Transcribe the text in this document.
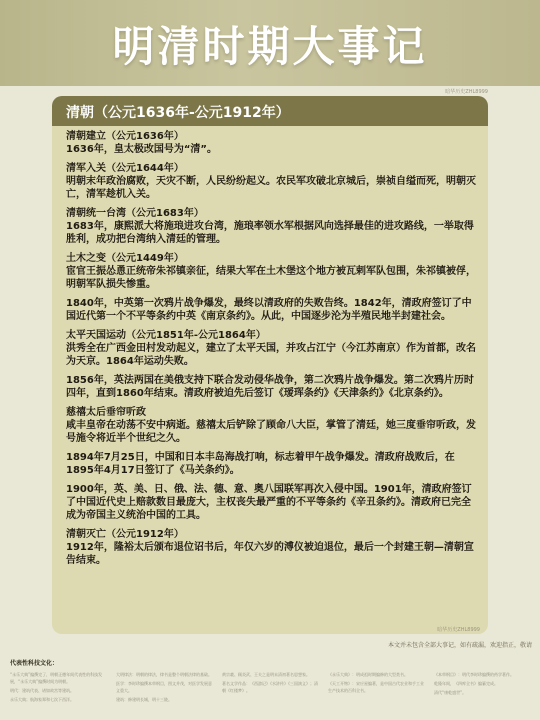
明清时期大事记
暗华历史ZHL8999
清朝（公元1636年-公元1912年）
清朝建立（公元1636年）
1636年，皇太极改国号为“清”。
清军入关（公元1644年）
明朝末年政治腐败，天灾不断，人民纷纷起义。农民军攻破北京城后，崇祯自缢而死，明朝灭亡，清军趁机入关。
清朝统一台湾（公元1683年）
1683年，康熙派大将施琅进攻台湾，施琅率领水军根据风向选择最佳的进攻路线，一举取得胜利，成功把台湾纳入清廷的管理。
土木之变（公元1449年）
宦官王振怂恿正统帝朱祁镇亲征，结果大军在土木堡这个地方被瓦剌军队包围，朱祁镇被俘，明朝军队损失惨重。
1840年，中英第一次鸦片战争爆发，最终以清政府的失败告终。1842年，清政府签订了中国近代第一个不平等条约中英《南京条约》。从此，中国逐步沦为半殖民地半封建社会。
太平天国运动（公元1851年-公元1864年）
洪秀全在广西金田村发动起义，建立了太平天国，并攻占江宁（今江苏南京）作为首都，改名为天京。1864年运动失败。
1856年，英法两国在美俄支持下联合发动侵华战争，第二次鸦片战争爆发。第二次鸦片历时四年，直到1860年结束。清政府被迫先后签订《瑷珲条约》《天津条约》《北京条约》。
慈禧太后垂帘听政
咸丰皇帝在动荡不安中病逝。慈禧太后铲除了顾命八大臣，掌管了清廷，她三度垂帘听政，发号施令将近半个世纪之久。
1894年7月25日，中国和日本丰岛海战打响，标志着甲午战争爆发。清政府战败后，在1895年4月17日签订了《马关条约》。
1900年，英、美、日、俄、法、德、意、奥八国联军再次入侵中国。1901年，清政府签订了中国近代史上赔款数目最庞大，主权丧失最严重的不平等条约《辛丑条约》。清政府已完全成为帝国主义统治中国的工具。
清朝灭亡（公元1912年）
1912年，隆裕太后颁布退位诏书后，年仅六岁的溥仪被迫退位，最后一个封建王朝—清朝宣告结束。
暗华历史ZHL8999
本文并未包含全部大事记，如有疏漏，欢迎指正，敬请
代表性科技文化：
“永乐大典”编撰完了，明朝正德年间代表性的科技发展，“永乐大典”编撰时间为明朝。
明代：建筑代表、诸如故宫等建筑。
永乐大典；航海家郑和七次下西洋。
大明律法：明朝的律法，律书是整个明朝法律的基础。
医学：李时珍编撰本草纲目，图文并茂，对医学发展意义重大。
建筑：修建明长城，明十三陵。
黄宗羲、顾炎武、王夫之是明末清初著名思想家。
著名文学作品：《西游记》《水浒传》《三国演义》；清朝《红楼梦》。
《永乐大典》：明成祖时期编修的大型类书。
《天工开物》：宋应星编著，是中国古代农业和手工业生产技术的百科全书。
《本草纲目》：明代李时珍编撰的药学著作。
乾隆年间，《四库全书》编纂完成。
清代“康乾盛世”。
